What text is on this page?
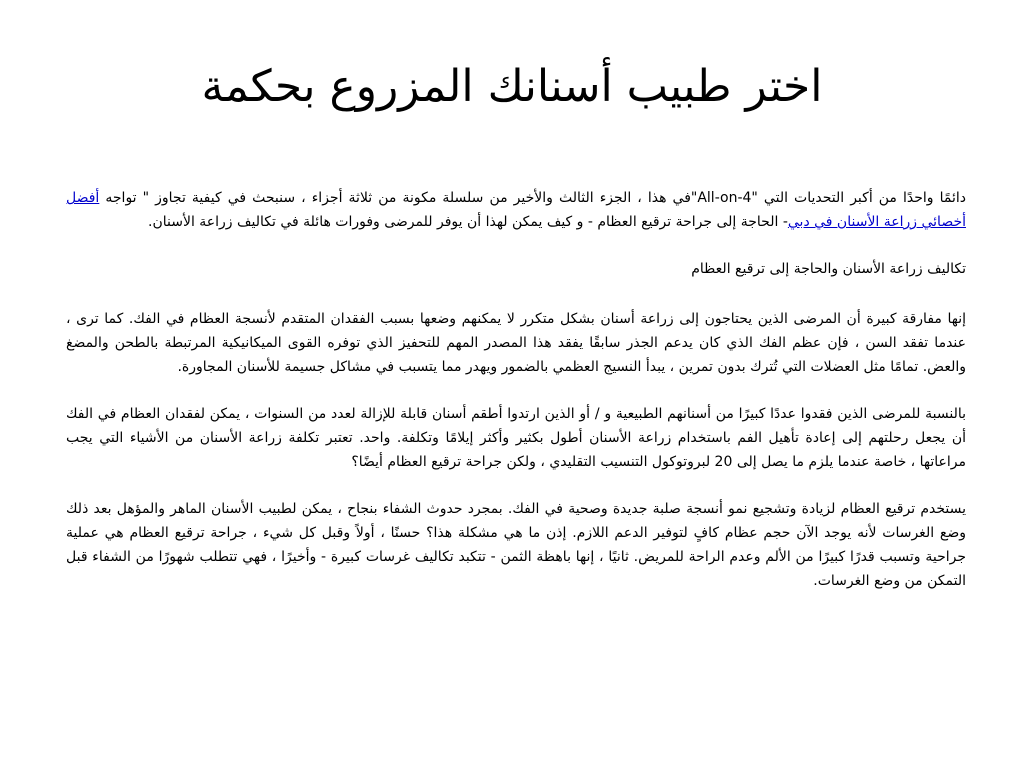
اختر طبيب أسنانك المزروع بحكمة

دائمًا واحدًا من أكبر التحديات التي "All-on-4"في هذا ، الجزء الثالث والأخير من سلسلة مكونة من ثلاثة أجزاء ، سنبحث في كيفية تجاوز " تواجه أفضل أخصائي زراعة الأسنان في دبي- الحاجة إلى جراحة ترقيع العظام - و كيف يمكن لهذا أن يوفر للمرضى وفورات هائلة في تكاليف زراعة الأسنان.

تكاليف زراعة الأسنان والحاجة إلى ترقيع العظام

إنها مفارقة كبيرة أن المرضى الذين يحتاجون إلى زراعة أسنان بشكل متكرر لا يمكنهم وضعها بسبب الفقدان المتقدم لأنسجة العظام في الفك. كما ترى ، عندما تفقد السن ، فإن عظم الفك الذي كان يدعم الجذر سابقًا يفقد هذا المصدر المهم للتحفيز الذي توفره القوى الميكانيكية المرتبطة بالطحن والمضغ والعض. تمامًا مثل العضلات التي تُترك بدون تمرين ، يبدأ النسيج العظمي بالضمور ويهدر مما يتسبب في مشاكل جسيمة للأسنان المجاورة.

بالنسبة للمرضى الذين فقدوا عددًا كبيرًا من أسنانهم الطبيعية و / أو الذين ارتدوا أطقم أسنان قابلة للإزالة لعدد من السنوات ، يمكن لفقدان العظام في الفك أن يجعل رحلتهم إلى إعادة تأهيل الفم باستخدام زراعة الأسنان أطول بكثير وأكثر إيلامًا وتكلفة. واحد. تعتبر تكلفة زراعة الأسنان من الأشياء التي يجب مراعاتها ، خاصة عندما يلزم ما يصل إلى 20 لبروتوكول التنسيب التقليدي ، ولكن جراحة ترقيع العظام أيضًا؟

يستخدم ترقيع العظام لزيادة وتشجيع نمو أنسجة صلبة جديدة وصحية في الفك. بمجرد حدوث الشفاء بنجاح ، يمكن لطبيب الأسنان الماهر والمؤهل بعد ذلك وضع الغرسات لأنه يوجد الآن حجم عظام كافٍ لتوفير الدعم اللازم. إذن ما هي مشكلة هذا؟ حسنًا ، أولاً وقبل كل شيء ، جراحة ترقيع العظام هي عملية جراحية وتسبب قدرًا كبيرًا من الألم وعدم الراحة للمريض. ثانيًا ، إنها باهظة الثمن - تتكبد تكاليف غرسات كبيرة - وأخيرًا ، فهي تتطلب شهورًا من الشفاء قبل التمكن من وضع الغرسات.
